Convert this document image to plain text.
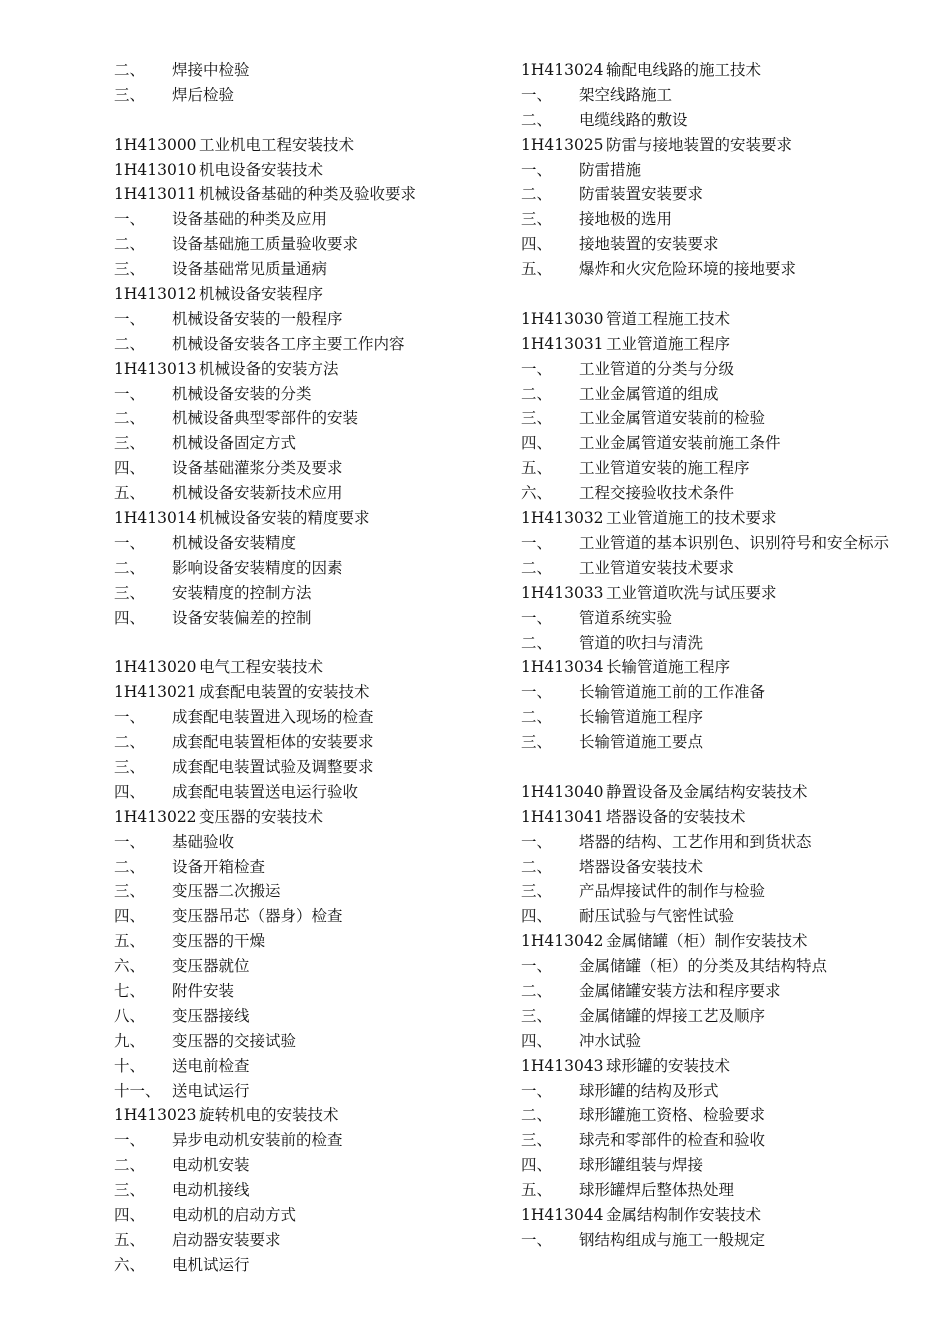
二、 焊接中检验
三、 焊后检验
1H413000 工业机电工程安装技术
1H413010 机电设备安装技术
1H413011 机械设备基础的种类及验收要求
一、 设备基础的种类及应用
二、 设备基础施工质量验收要求
三、 设备基础常见质量通病
1H413012 机械设备安装程序
一、 机械设备安装的一般程序
二、 机械设备安装各工序主要工作内容
1H413013 机械设备的安装方法
一、 机械设备安装的分类
二、 机械设备典型零部件的安装
三、 机械设备固定方式
四、 设备基础灌浆分类及要求
五、 机械设备安装新技术应用
1H413014 机械设备安装的精度要求
一、 机械设备安装精度
二、 影响设备安装精度的因素
三、 安装精度的控制方法
四、 设备安装偏差的控制
1H413020 电气工程安装技术
1H413021 成套配电装置的安装技术
一、 成套配电装置进入现场的检查
二、 成套配电装置柜体的安装要求
三、 成套配电装置试验及调整要求
四、 成套配电装置送电运行验收
1H413022 变压器的安装技术
一、 基础验收
二、 设备开箱检查
三、 变压器二次搬运
四、 变压器吊芯（器身）检查
五、 变压器的干燥
六、 变压器就位
七、 附件安装
八、 变压器接线
九、 变压器的交接试验
十、 送电前检查
十一、 送电试运行
1H413023 旋转机电的安装技术
一、 异步电动机安装前的检查
二、 电动机安装
三、 电动机接线
四、 电动机的启动方式
五、 启动器安装要求
六、 电机试运行
1H413024 输配电线路的施工技术
一、 架空线路施工
二、 电缆线路的敷设
1H413025 防雷与接地装置的安装要求
一、 防雷措施
二、 防雷装置安装要求
三、 接地极的选用
四、 接地装置的安装要求
五、 爆炸和火灾危险环境的接地要求
1H413030 管道工程施工技术
1H413031 工业管道施工程序
一、 工业管道的分类与分级
二、 工业金属管道的组成
三、 工业金属管道安装前的检验
四、 工业金属管道安装前施工条件
五、 工业管道安装的施工程序
六、 工程交接验收技术条件
1H413032 工业管道施工的技术要求
一、 工业管道的基本识别色、识别符号和安全标示
二、 工业管道安装技术要求
1H413033 工业管道吹洗与试压要求
一、 管道系统实验
二、 管道的吹扫与清洗
1H413034 长输管道施工程序
一、 长输管道施工前的工作准备
二、 长输管道施工程序
三、 长输管道施工要点
1H413040 静置设备及金属结构安装技术
1H413041 塔器设备的安装技术
一、 塔器的结构、工艺作用和到货状态
二、 塔器设备安装技术
三、 产品焊接试件的制作与检验
四、 耐压试验与气密性试验
1H413042 金属储罐（柜）制作安装技术
一、 金属储罐（柜）的分类及其结构特点
二、 金属储罐安装方法和程序要求
三、 金属储罐的焊接工艺及顺序
四、 冲水试验
1H413043 球形罐的安装技术
一、 球形罐的结构及形式
二、 球形罐施工资格、检验要求
三、 球壳和零部件的检查和验收
四、 球形罐组装与焊接
五、 球形罐焊后整体热处理
1H413044 金属结构制作安装技术
一、 钢结构组成与施工一般规定
